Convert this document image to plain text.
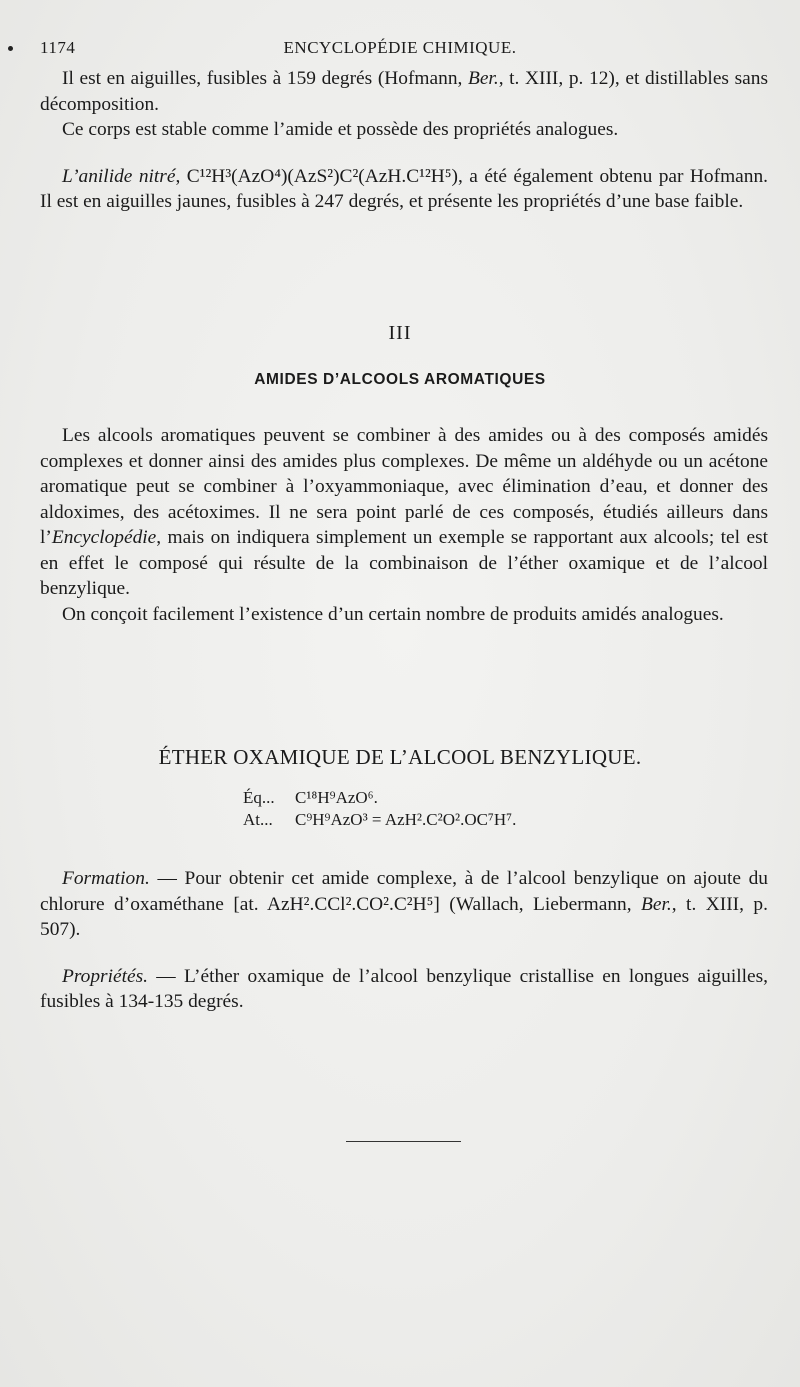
1174	ENCYCLOPÉDIE CHIMIQUE.

Il est en aiguilles, fusibles à 159 degrés (Hofmann, Ber., t. XIII, p. 12), et distillables sans décomposition.

Ce corps est stable comme l’amide et possède des propriétés analogues.

L’anilide nitré, C¹²H³(AzO⁴)(AzS²)C²(AzH.C¹²H⁵), a été également obtenu par Hofmann. Il est en aiguilles jaunes, fusibles à 247 degrés, et présente les propriétés d’une base faible.

III
AMIDES D’ALCOOLS AROMATIQUES

Les alcools aromatiques peuvent se combiner à des amides ou à des composés amidés complexes et donner ainsi des amides plus complexes. De même un aldéhyde ou un acétone aromatique peut se combiner à l’oxyammoniaque, avec élimination d’eau, et donner des aldoximes, des acétoximes. Il ne sera point parlé de ces composés, étudiés ailleurs dans l’Encyclopédie, mais on indiquera simplement un exemple se rapportant aux alcools; tel est en effet le composé qui résulte de la combinaison de l’éther oxamique et de l’alcool benzylique.

On conçoit facilement l’existence d’un certain nombre de produits amidés analogues.

ÉTHER OXAMIQUE DE L’ALCOOL BENZYLIQUE.
Éq... C¹⁸H⁹AzO⁶.
At... C⁹H⁹AzO³ = AzH².C²O².OC⁷H⁷.

Formation. — Pour obtenir cet amide complexe, à de l’alcool benzylique on ajoute du chlorure d’oxaméthane [at. AzH².CCl².CO².C²H⁵] (Wallach, Liebermann, Ber., t. XIII, p. 507).

Propriétés. — L’éther oxamique de l’alcool benzylique cristallise en longues aiguilles, fusibles à 134-135 degrés.
